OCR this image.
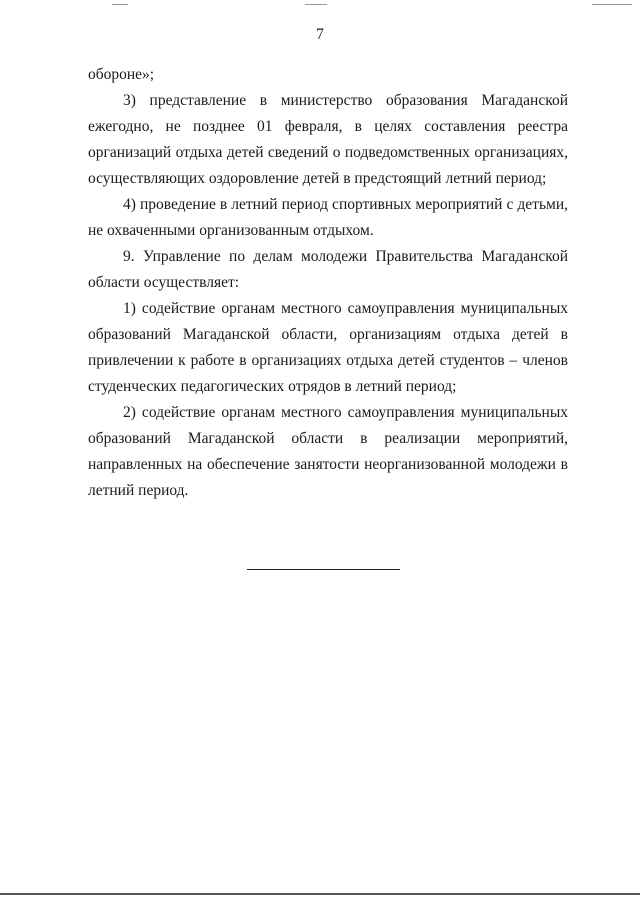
7
обороне»;
3) представление в министерство образования Магаданской
ежегодно, не позднее 01 февраля, в целях составления реестра
организаций отдыха детей сведений о подведомственных организациях,
осуществляющих оздоровление детей в предстоящий летний период;
4) проведение в летний период спортивных мероприятий с детьми,
не охваченными организованным отдыхом.
9. Управление по делам молодежи Правительства Магаданской
области осуществляет:
1) содействие органам местного самоуправления муниципальных
образований Магаданской области, организациям отдыха детей в
привлечении к работе в организациях отдыха детей студентов – членов
студенческих педагогических отрядов в летний период;
2) содействие органам местного самоуправления муниципальных
образований Магаданской области в реализации мероприятий,
направленных на обеспечение занятости неорганизованной молодежи в
летний период.
